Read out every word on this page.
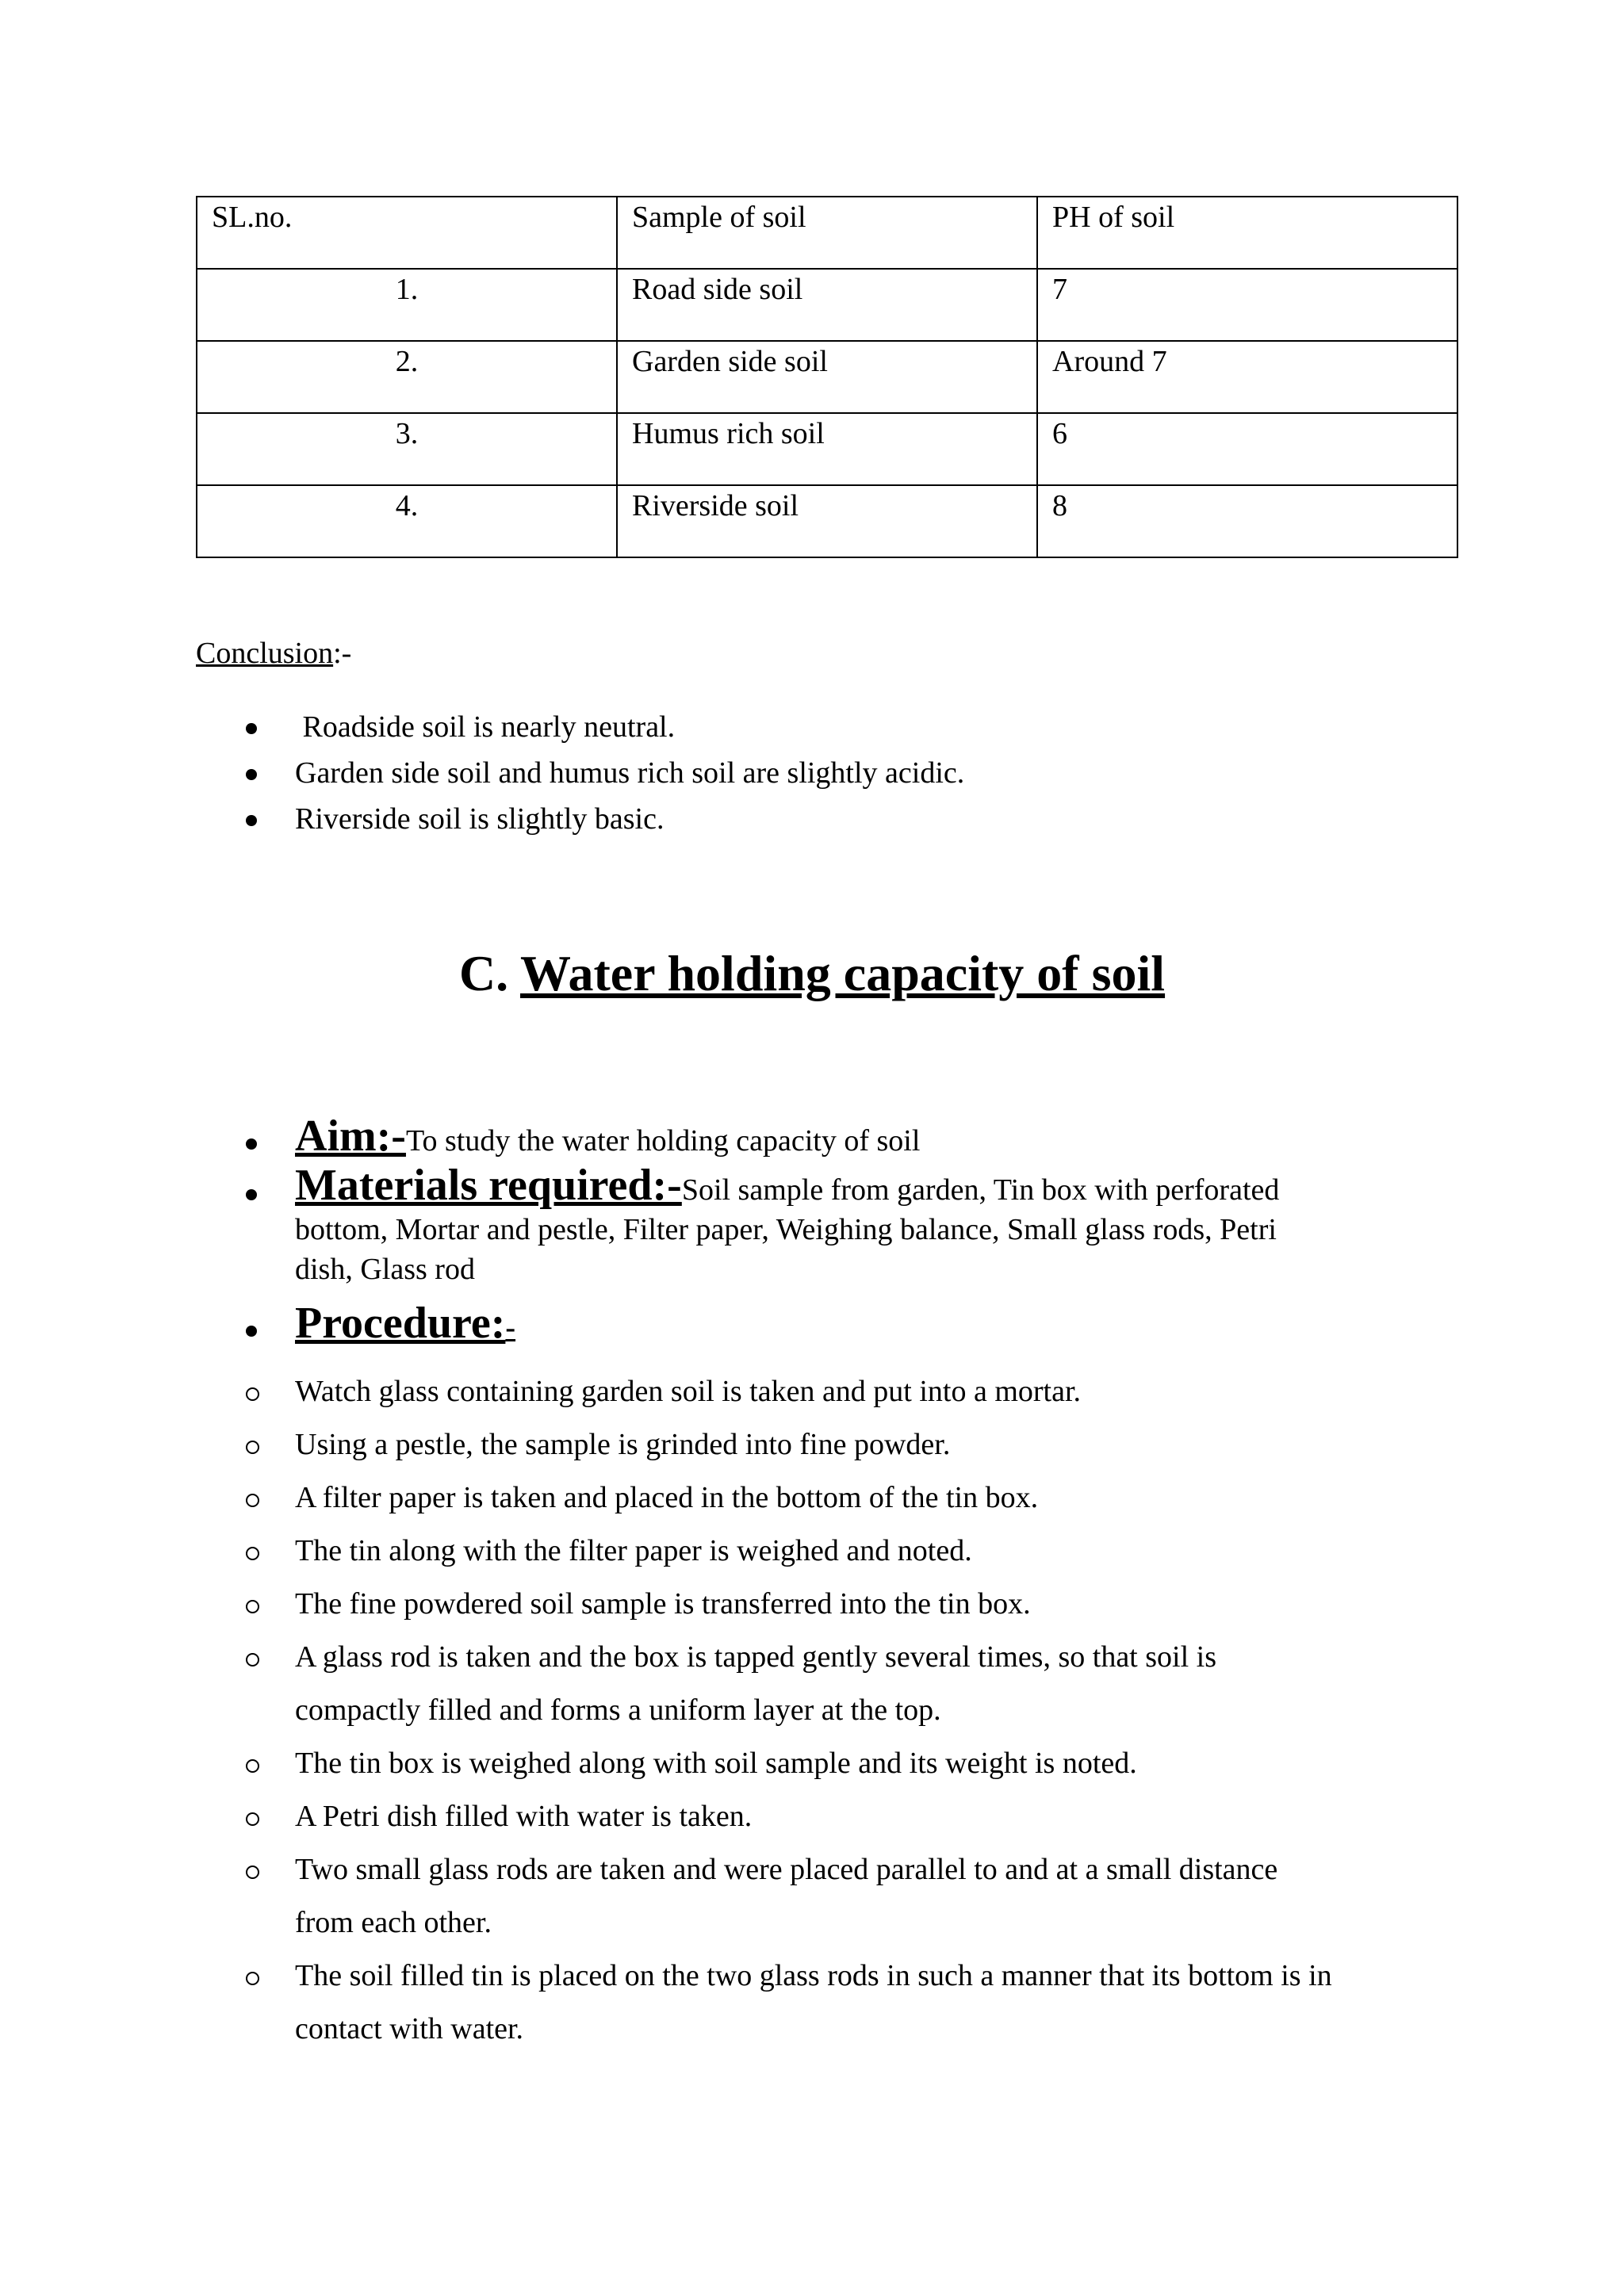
SL.no.	Sample of soil	PH of soil

1.	Road side soil	7

2.	Garden side soil	Around 7

3.	Humus rich soil	6

4.	Riverside soil	8
Conclusion:-
Roadside soil is nearly neutral.
Garden side soil and humus rich soil are slightly acidic.
Riverside soil is slightly basic.
C. Water holding capacity of soil
Aim:-To study the water holding capacity of soil
Materials required:-Soil sample from garden, Tin box with perforated
bottom, Mortar and pestle, Filter paper, Weighing balance, Small glass rods, Petri
dish, Glass rod
Procedure:-
Watch glass containing garden soil is taken and put into a mortar.
Using a pestle, the sample is grinded into fine powder.
A filter paper is taken and placed in the bottom of the tin box.
The tin along with the filter paper is weighed and noted.
The fine powdered soil sample is transferred into the tin box.
A glass rod is taken and the box is tapped gently several times, so that soil is
compactly filled and forms a uniform layer at the top.
The tin box is weighed along with soil sample and its weight is noted.
A Petri dish filled with water is taken.
Two small glass rods are taken and were placed parallel to and at a small distance
from each other.
The soil filled tin is placed on the two glass rods in such a manner that its bottom is in
contact with water.
